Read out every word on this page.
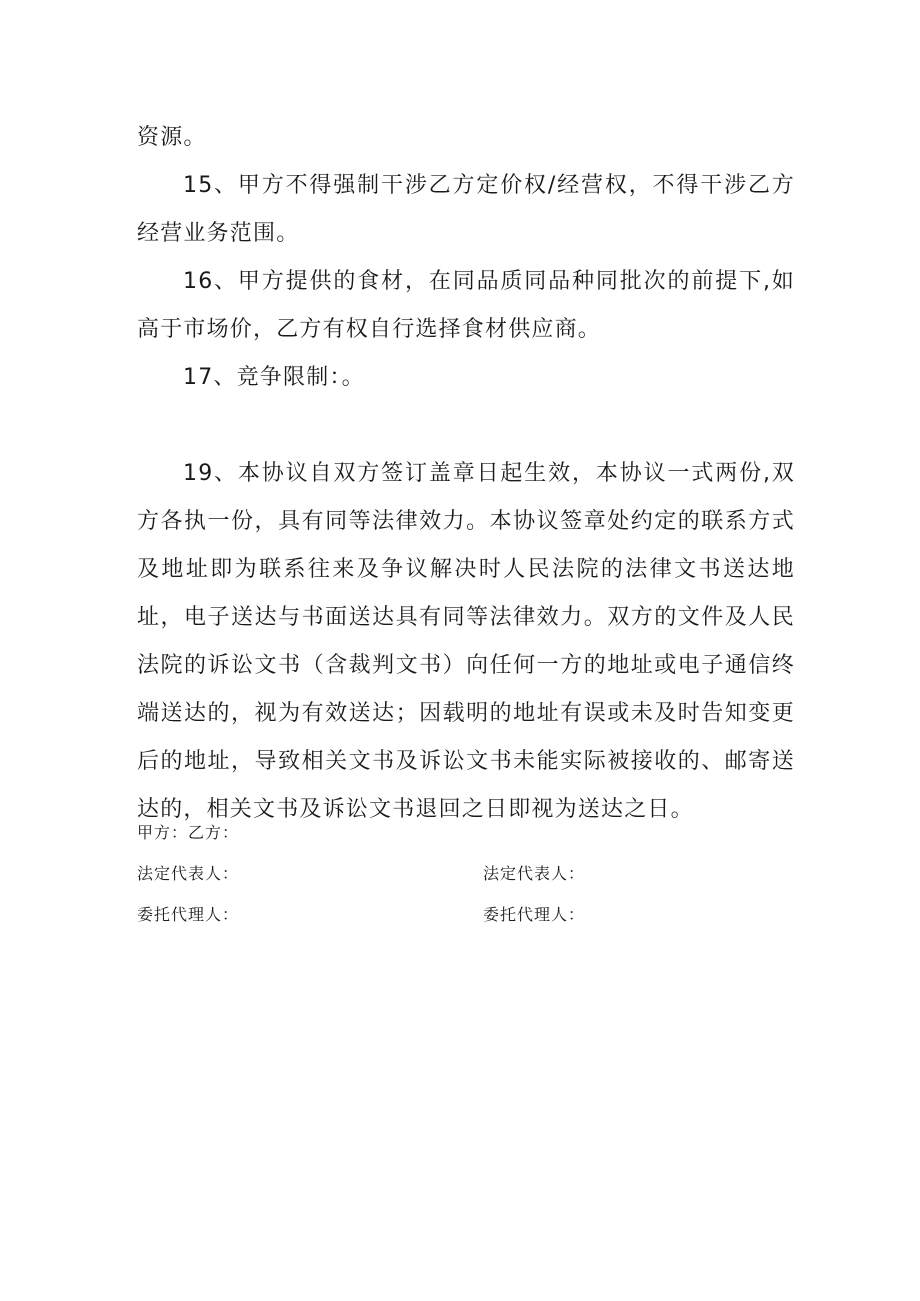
资源。

15、甲方不得强制干涉乙方定价权/经营权，不得干涉乙方经营业务范围。

16、甲方提供的食材，在同品质同品种同批次的前提下,如高于市场价，乙方有权自行选择食材供应商。

17、竞争限制：。

19、本协议自双方签订盖章日起生效，本协议一式两份,双方各执一份，具有同等法律效力。本协议签章处约定的联系方式及地址即为联系往来及争议解决时人民法院的法律文书送达地址，电子送达与书面送达具有同等法律效力。双方的文件及人民法院的诉讼文书（含裁判文书）向任何一方的地址或电子通信终端送达的，视为有效送达；因载明的地址有误或未及时告知变更后的地址，导致相关文书及诉讼文书未能实际被接收的、邮寄送达的，相关文书及诉讼文书退回之日即视为送达之日。

甲方：乙方：
法定代表人：	法定代表人：
委托代理人：	委托代理人：
